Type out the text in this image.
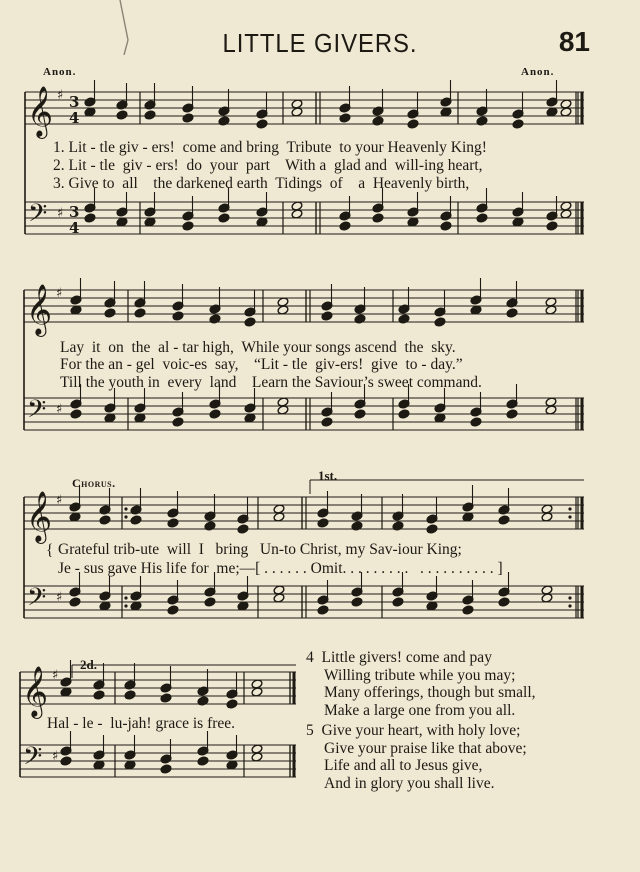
LITTLE GIVERS.	81
Anon.	Anon.
𝄞
𝄢
♯
♯
3
4
3
4
𝄞
𝄢
♯
♯
𝄞
𝄢
♯
♯
𝄞
𝄢
♯
♯
1. Lit - tle giv - ers!  come and bring  Tribute  to your Heavenly King!
2. Lit - tle  giv - ers!  do  your  part    With a  glad and  will-ing heart,
3. Give to  all    the darkened earth  Tidings  of    a  Heavenly birth,
Lay  it  on  the  al - tar high,  While your songs ascend  the  sky.
For the an - gel  voic-es  say,    “Lit - tle  giv-ers!  give  to - day.”
Till the youth in  every  land    Learn the Saviour’s sweet command.
Chorus.	1st.
{ Grateful trib-ute  will  I   bring   Un-to Christ, my Sav-iour King;
Je - sus gave His life for  me;—[ . . . . . . Omit. . . . . . . . .   . . . . . . . . . . ]
2d.
Hal - le -  lu-jah! grace is free.
4 Little givers! come and pay
Willing tribute while you may;
Many offerings, though but small,
Make a large one from you all.
5 Give your heart, with holy love;
Give your praise like that above;
Life and all to Jesus give,
And in glory you shall live.
